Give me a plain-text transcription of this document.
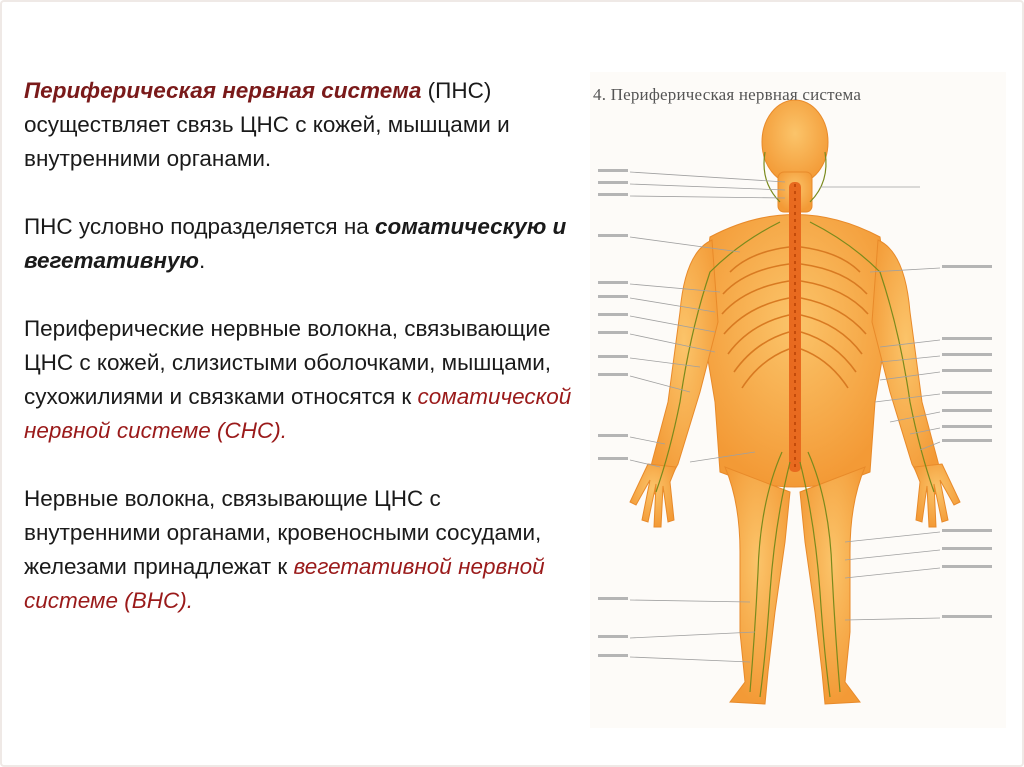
Периферическая нервная система (ПНС) осуществляет связь ЦНС с кожей, мышцами и внутренними органами.

ПНС условно подразделяется на соматическую и вегетативную.

Периферические нервные волокна, связывающие ЦНС с кожей, слизистыми оболочками, мышцами, сухожилиями и связками относятся к соматической нервной системе (СНС).

Нервные волокна, связывающие ЦНС с внутренними органами, кровеносными сосудами, железами принадлежат к вегетативной нервной системе (ВНС).

4. Периферическая нервная система
